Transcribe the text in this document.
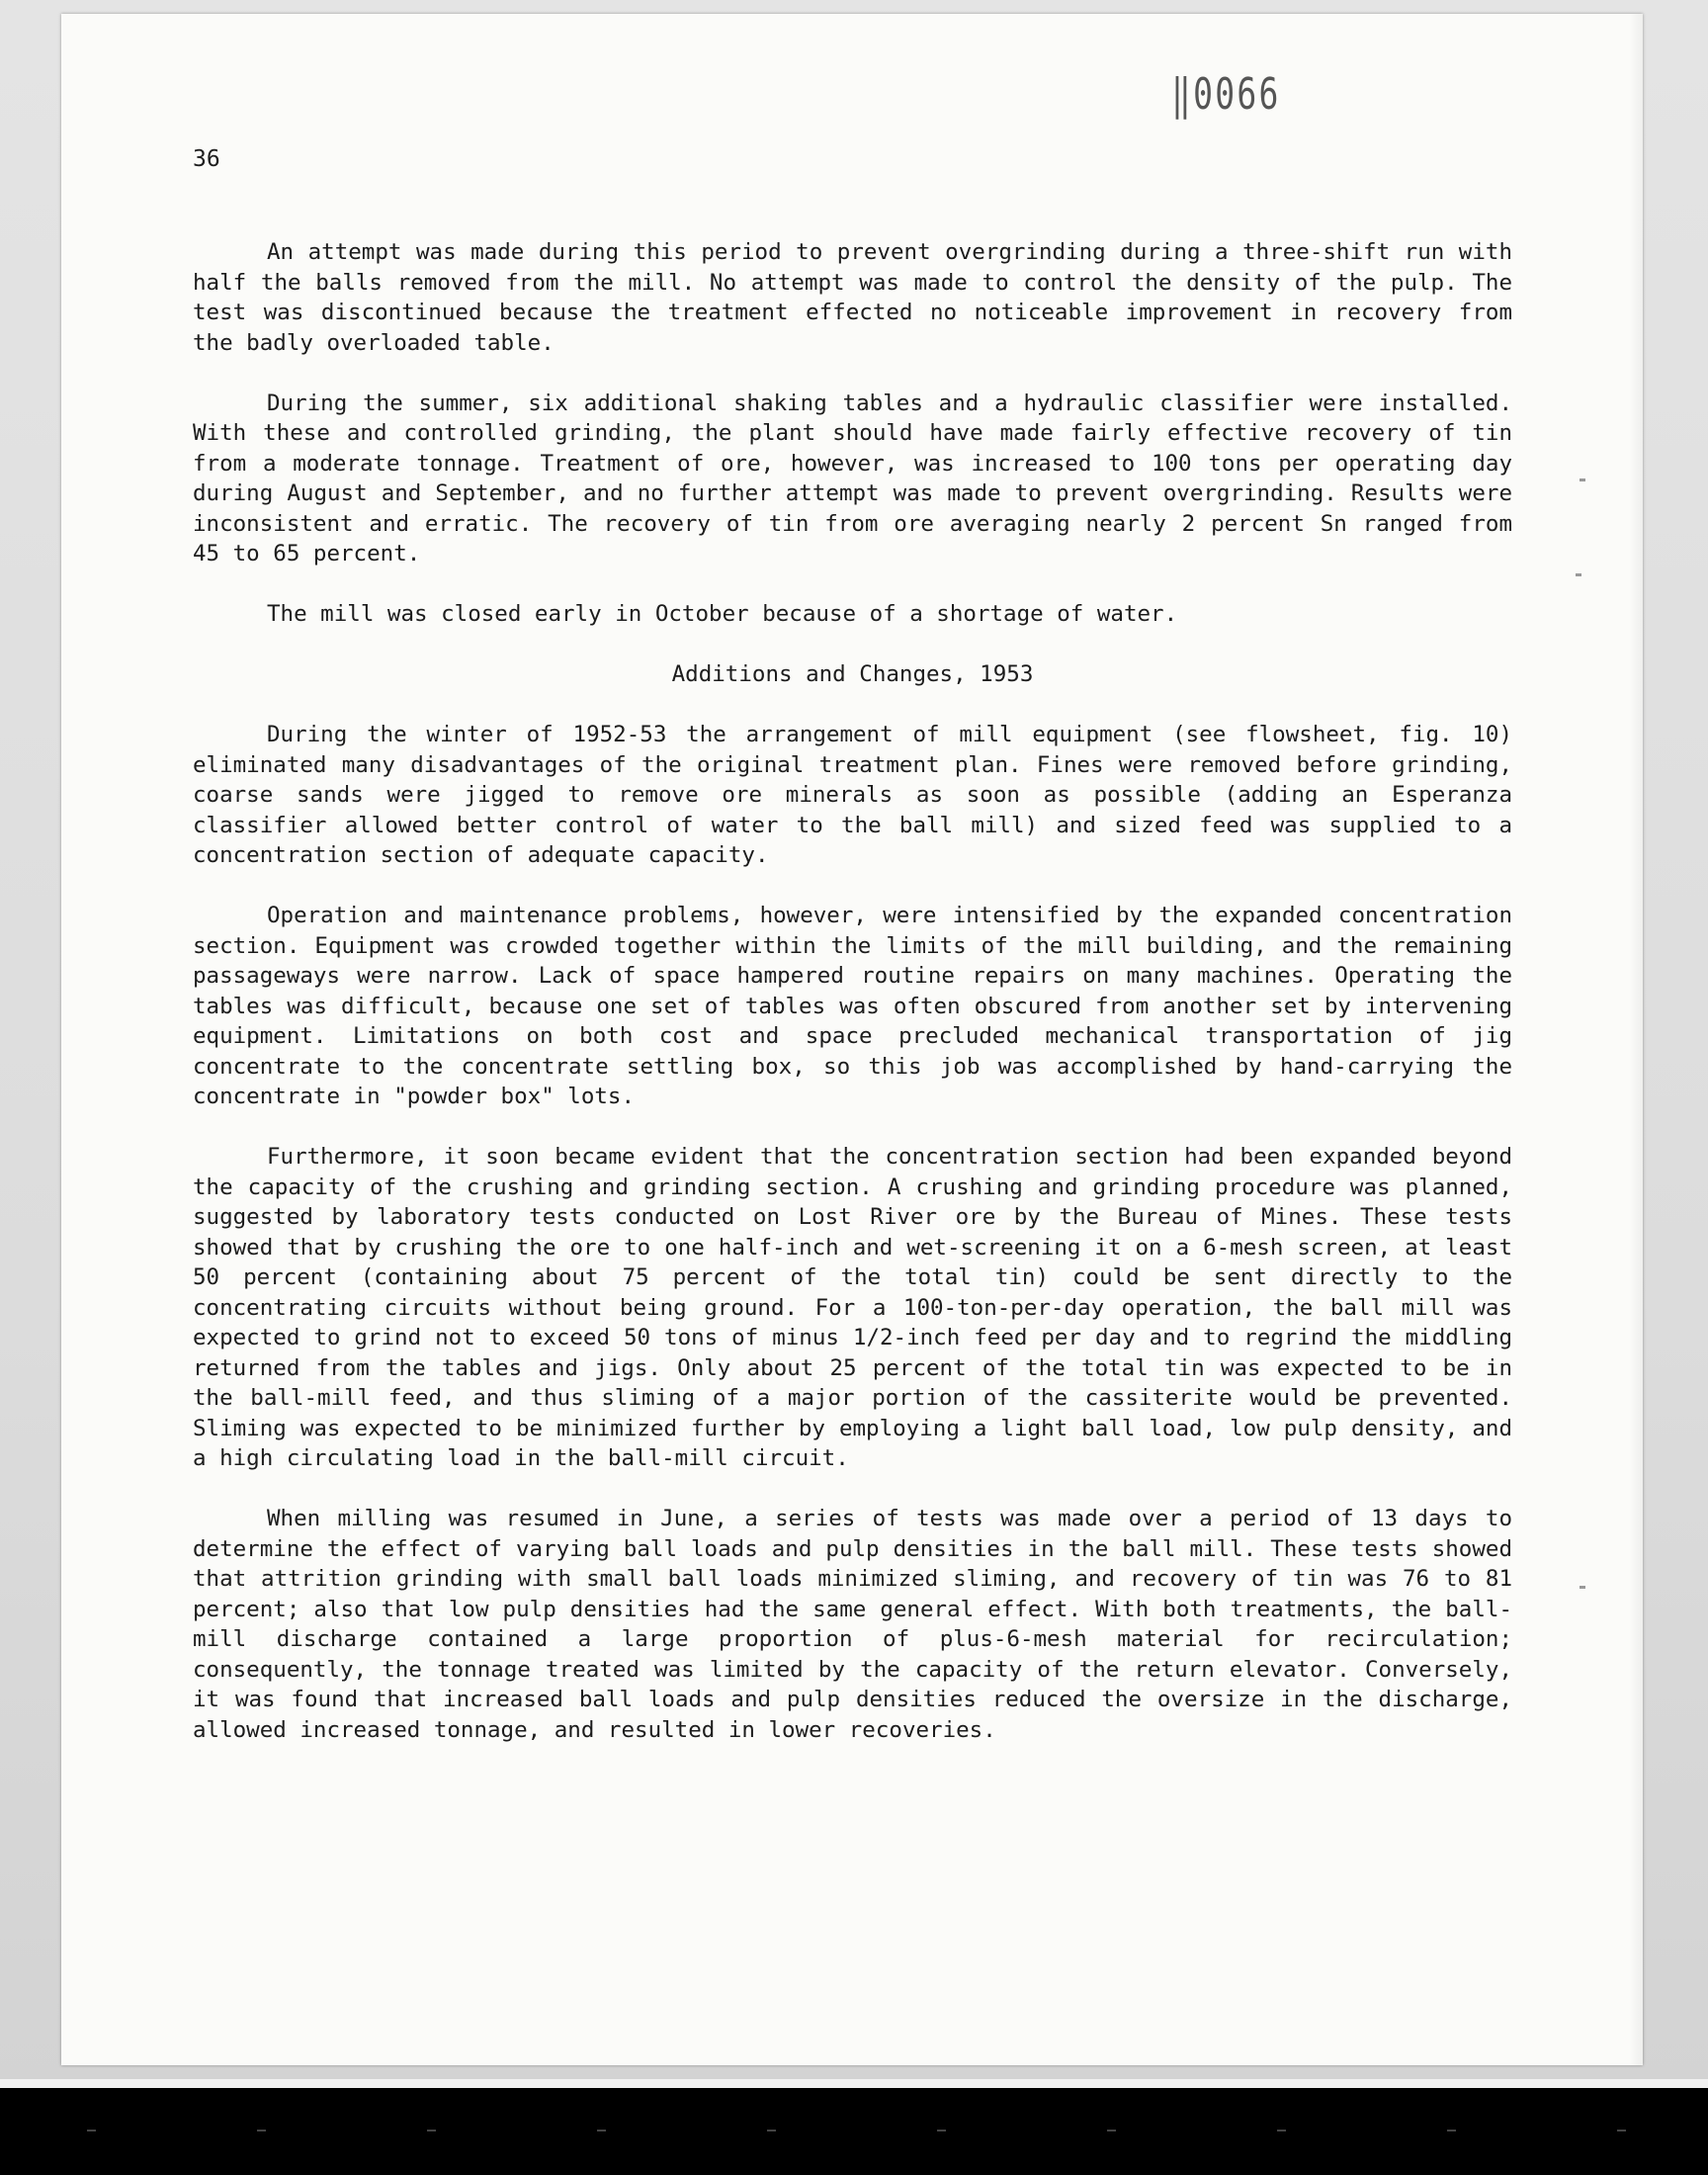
‖0066
36

An attempt was made during this period to prevent overgrinding during a three-shift run with half the balls removed from the mill. No attempt was made to control the density of the pulp. The test was discontinued because the treatment effected no noticeable improvement in recovery from the badly overloaded table.

During the summer, six additional shaking tables and a hydraulic classifier were installed. With these and controlled grinding, the plant should have made fairly effective recovery of tin from a moderate tonnage. Treatment of ore, however, was increased to 100 tons per operating day during August and September, and no further attempt was made to prevent overgrinding. Results were inconsistent and erratic. The recovery of tin from ore averaging nearly 2 percent Sn ranged from 45 to 65 percent.

The mill was closed early in October because of a shortage of water.

Additions and Changes, 1953

During the winter of 1952-53 the arrangement of mill equipment (see flowsheet, fig. 10) eliminated many disadvantages of the original treatment plan. Fines were removed before grinding, coarse sands were jigged to remove ore minerals as soon as possible (adding an Esperanza classifier allowed better control of water to the ball mill) and sized feed was supplied to a concentration section of adequate capacity.

Operation and maintenance problems, however, were intensified by the expanded concentration section. Equipment was crowded together within the limits of the mill building, and the remaining passageways were narrow. Lack of space hampered routine repairs on many machines. Operating the tables was difficult, because one set of tables was often obscured from another set by intervening equipment. Limitations on both cost and space precluded mechanical transportation of jig concentrate to the concentrate settling box, so this job was accomplished by hand-carrying the concentrate in "powder box" lots.

Furthermore, it soon became evident that the concentration section had been expanded beyond the capacity of the crushing and grinding section. A crushing and grinding procedure was planned, suggested by laboratory tests conducted on Lost River ore by the Bureau of Mines. These tests showed that by crushing the ore to one half-inch and wet-screening it on a 6-mesh screen, at least 50 percent (containing about 75 percent of the total tin) could be sent directly to the concentrating circuits without being ground. For a 100-ton-per-day operation, the ball mill was expected to grind not to exceed 50 tons of minus 1/2-inch feed per day and to regrind the middling returned from the tables and jigs. Only about 25 percent of the total tin was expected to be in the ball-mill feed, and thus sliming of a major portion of the cassiterite would be prevented. Sliming was expected to be minimized further by employing a light ball load, low pulp density, and a high circulating load in the ball-mill circuit.

When milling was resumed in June, a series of tests was made over a period of 13 days to determine the effect of varying ball loads and pulp densities in the ball mill. These tests showed that attrition grinding with small ball loads minimized sliming, and recovery of tin was 76 to 81 percent; also that low pulp densities had the same general effect. With both treatments, the ball-mill discharge contained a large proportion of plus-6-mesh material for recirculation; consequently, the tonnage treated was limited by the capacity of the return elevator. Conversely, it was found that increased ball loads and pulp densities reduced the oversize in the discharge, allowed increased tonnage, and resulted in lower recoveries.
